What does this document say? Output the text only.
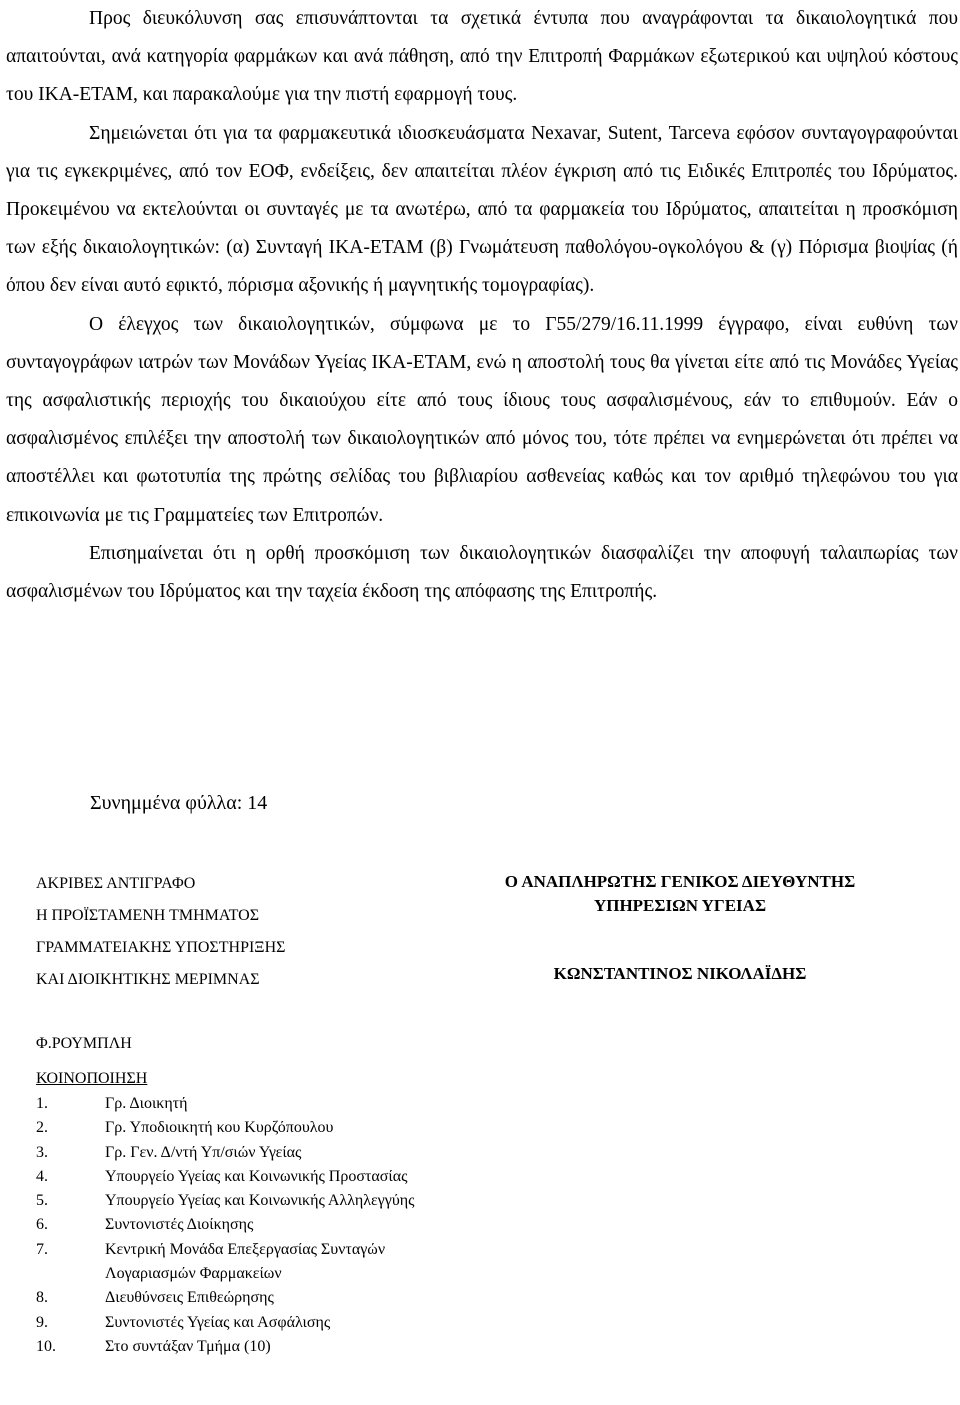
Προς διευκόλυνση σας επισυνάπτονται τα σχετικά έντυπα που αναγράφονται τα δικαιολογητικά που απαιτούνται, ανά κατηγορία φαρμάκων και ανά πάθηση, από την Επιτροπή Φαρμάκων εξωτερικού και υψηλού κόστους του ΙΚΑ-ΕΤΑΜ, και παρακαλούμε για την πιστή εφαρμογή τους.

Σημειώνεται ότι για τα φαρμακευτικά ιδιοσκευάσματα Nexavar, Sutent, Tarceva εφόσον συνταγογραφούνται για τις εγκεκριμένες, από τον ΕΟΦ, ενδείξεις, δεν απαιτείται πλέον έγκριση από τις Ειδικές Επιτροπές του Ιδρύματος. Προκειμένου να εκτελούνται οι συνταγές με τα ανωτέρω, από τα φαρμακεία του Ιδρύματος, απαιτείται η προσκόμιση των εξής δικαιολογητικών: (α) Συνταγή ΙΚΑ-ΕΤΑΜ (β) Γνωμάτευση παθολόγου-ογκολόγου & (γ) Πόρισμα βιοψίας (ή όπου δεν είναι αυτό εφικτό, πόρισμα αξονικής ή μαγνητικής τομογραφίας).

Ο έλεγχος των δικαιολογητικών, σύμφωνα με το Γ55/279/16.11.1999 έγγραφο, είναι ευθύνη των συνταγογράφων ιατρών των Μονάδων Υγείας ΙΚΑ-ΕΤΑΜ, ενώ η αποστολή τους θα γίνεται είτε από τις Μονάδες Υγείας της ασφαλιστικής περιοχής του δικαιούχου είτε από τους ίδιους τους ασφαλισμένους, εάν το επιθυμούν. Εάν ο ασφαλισμένος επιλέξει την αποστολή των δικαιολογητικών από μόνος του, τότε πρέπει να ενημερώνεται ότι πρέπει να αποστέλλει και φωτοτυπία της πρώτης σελίδας του βιβλιαρίου ασθενείας καθώς και τον αριθμό τηλεφώνου του για επικοινωνία με τις Γραμματείες των Επιτροπών.

Επισημαίνεται ότι η ορθή προσκόμιση των δικαιολογητικών διασφαλίζει την αποφυγή ταλαιπωρίας των ασφαλισμένων του Ιδρύματος και την ταχεία έκδοση της απόφασης της Επιτροπής.

Συνημμένα φύλλα: 14
ΑΚΡΙΒΕΣ ΑΝΤΙΓΡΑΦΟ
Η ΠΡΟΪΣΤΑΜΕΝΗ ΤΜΗΜΑΤΟΣ
ΓΡΑΜΜΑΤΕΙΑΚΗΣ ΥΠΟΣΤΗΡΙΞΗΣ
ΚΑΙ ΔΙΟΙΚΗΤΙΚΗΣ ΜΕΡΙΜΝΑΣ
Ο ΑΝΑΠΛΗΡΩΤΗΣ ΓΕΝΙΚΟΣ ΔΙΕΥΘΥΝΤΗΣ
ΥΠΗΡΕΣΙΩΝ ΥΓΕΙΑΣ
ΚΩΝΣΤΑΝΤΙΝΟΣ ΝΙΚΟΛΑΪΔΗΣ
Φ.ΡΟΥΜΠΛΗ
ΚΟΙΝΟΠΟΙΗΣΗ
1.	Γρ. Διοικητή
2.	Γρ. Υποδιοικητή κου Κυρζόπουλου
3.	Γρ. Γεν. Δ/ντή Υπ/σιών Υγείας
4.	Υπουργείο Υγείας και Κοινωνικής Προστασίας
5.	Υπουργείο Υγείας και Κοινωνικής Αλληλεγγύης
6.	Συντονιστές Διοίκησης
7.	Κεντρική Μονάδα Επεξεργασίας Συνταγών Λογαριασμών Φαρμακείων
8.	Διευθύνσεις Επιθεώρησης
9.	Συντονιστές Υγείας και Ασφάλισης
10.	Στο συντάξαν Τμήμα (10)
